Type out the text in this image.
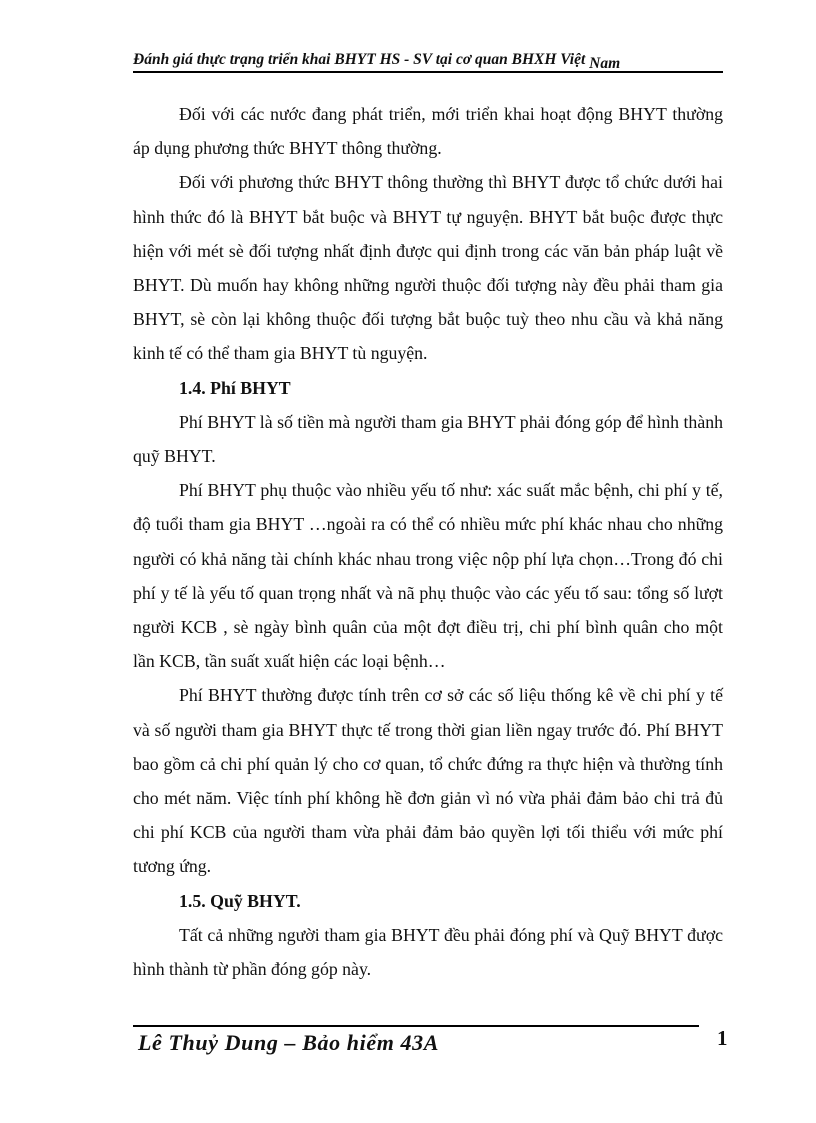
Đánh giá thực trạng triển khai BHYT HS - SV tại cơ quan BHXH Việt Nam

Đối với các nước đang phát triển, mới triển khai hoạt động BHYT thường áp dụng phương thức BHYT thông thường.

Đối với phương thức BHYT thông thường thì BHYT được tổ chức dưới hai hình thức đó là BHYT bắt buộc và BHYT tự nguyện. BHYT bắt buộc được thực hiện với mét sè đối tượng nhất định được qui định trong các văn bản pháp luật về BHYT. Dù muốn hay không những người thuộc đối tượng này đều phải tham gia BHYT, sè còn lại không thuộc đối tượng bắt buộc tuỳ theo nhu cầu và khả năng kinh tế có thể tham gia BHYT tù nguyện.

1.4. Phí BHYT

Phí BHYT là số tiền mà người tham gia BHYT phải đóng góp để hình thành quỹ BHYT.

Phí BHYT phụ thuộc vào nhiều yếu tố như: xác suất mắc bệnh, chi phí y tế, độ tuổi tham gia BHYT …ngoài ra có thể có nhiều mức phí khác nhau cho những người có khả năng tài chính khác nhau trong việc nộp phí lựa chọn…Trong đó chi phí y tế là yếu tố quan trọng nhất và nã phụ thuộc vào các yếu tố sau: tổng số lượt người KCB , sè ngày bình quân của một đợt điều trị, chi phí bình quân cho một lần KCB, tần suất xuất hiện các loại bệnh…

Phí BHYT thường được tính trên cơ sở các số liệu thống kê về chi phí y tế và số người tham gia BHYT thực tế trong thời gian liền ngay trước đó. Phí BHYT bao gồm cả chi phí quản lý cho cơ quan, tổ chức đứng ra thực hiện và thường tính cho mét năm. Việc tính phí không hề đơn giản vì nó vừa phải đảm bảo chi trả đủ chi phí KCB của người tham vừa phải đảm bảo quyền lợi tối thiểu với mức phí tương ứng.

1.5. Quỹ BHYT.

Tất cả những người tham gia BHYT đều phải đóng phí và Quỹ BHYT được hình thành từ phần đóng góp này.

Lê Thuỷ Dung – Bảo hiểm 43A	1
